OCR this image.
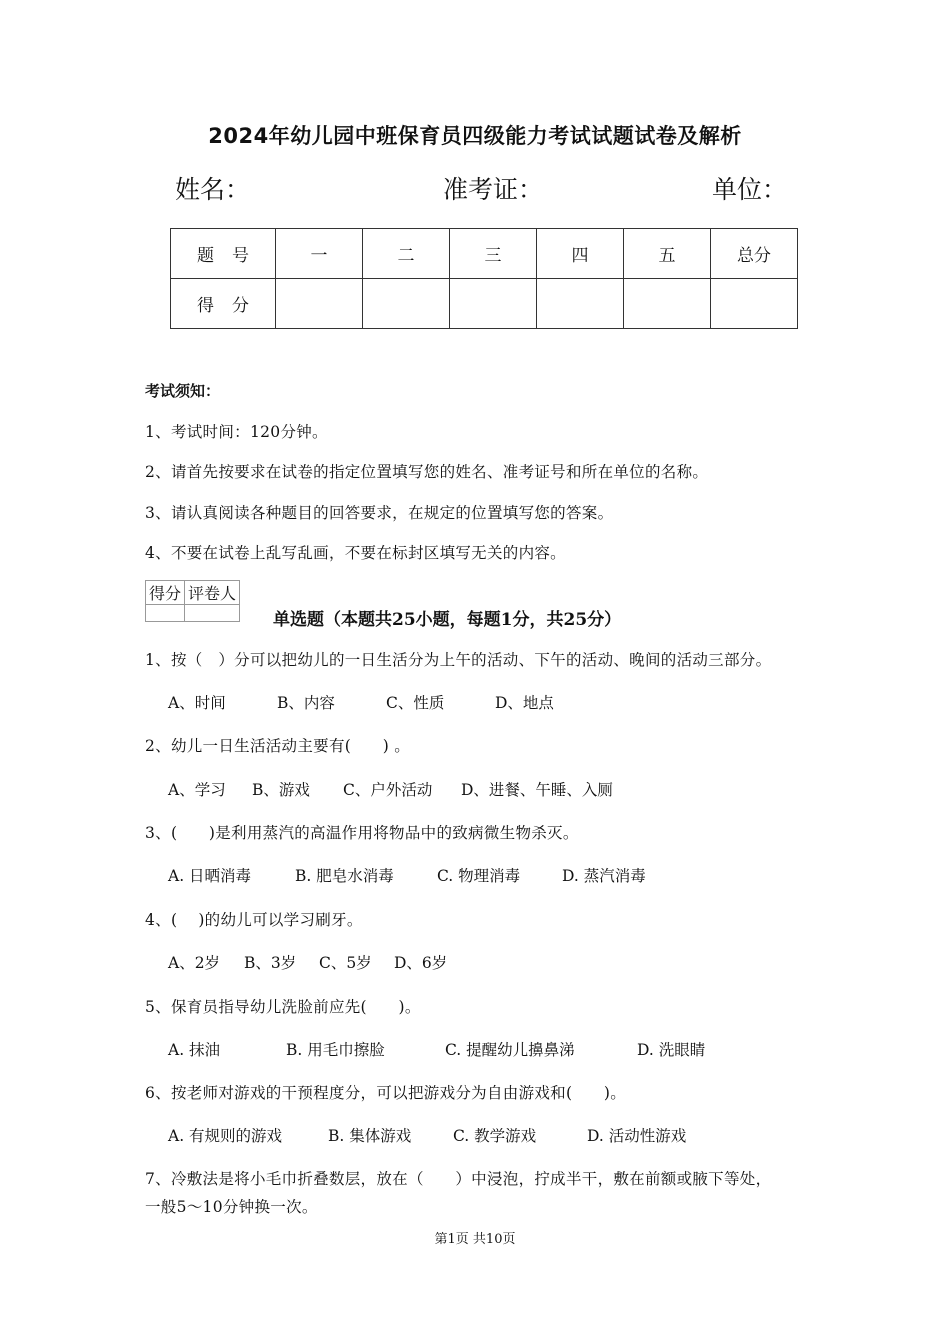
2024年幼儿园中班保育员四级能力考试试题试卷及解析
姓名：	准考证：	单位：
题号	一	二	三	四	五	总分
得分						
考试须知：
1、考试时间：120分钟。
2、请首先按要求在试卷的指定位置填写您的姓名、准考证号和所在单位的名称。
3、请认真阅读各种题目的回答要求，在规定的位置填写您的答案。
4、不要在试卷上乱写乱画，不要在标封区填写无关的内容。
得分	评卷人

单选题（本题共25小题，每题1分，共25分）
1、按（　）分可以把幼儿的一日生活分为上午的活动、下午的活动、晚间的活动三部分。
A、时间	B、内容	C、性质	D、地点
2、幼儿一日生活活动主要有(　　) 。
A、学习 B、游戏 C、户外活动 D、进餐、午睡、入厕
3、(　　)是利用蒸汽的高温作用将物品中的致病微生物杀灭。
A. 日晒消毒	B. 肥皂水消毒	C. 物理消毒	D. 蒸汽消毒
4、(　 )的幼儿可以学习刷牙。
A、2岁 B、3岁 C、5岁 D、6岁
5、保育员指导幼儿洗脸前应先(　　)。
A. 抹油	B. 用毛巾擦脸	C. 提醒幼儿擤鼻涕	D. 洗眼睛
6、按老师对游戏的干预程度分，可以把游戏分为自由游戏和(　　)。
A. 有规则的游戏	B. 集体游戏	C. 教学游戏	D. 活动性游戏
7、冷敷法是将小毛巾折叠数层，放在（　　）中浸泡，拧成半干，敷在前额或腋下等处，
一般5～10分钟换一次。
第1页 共10页
